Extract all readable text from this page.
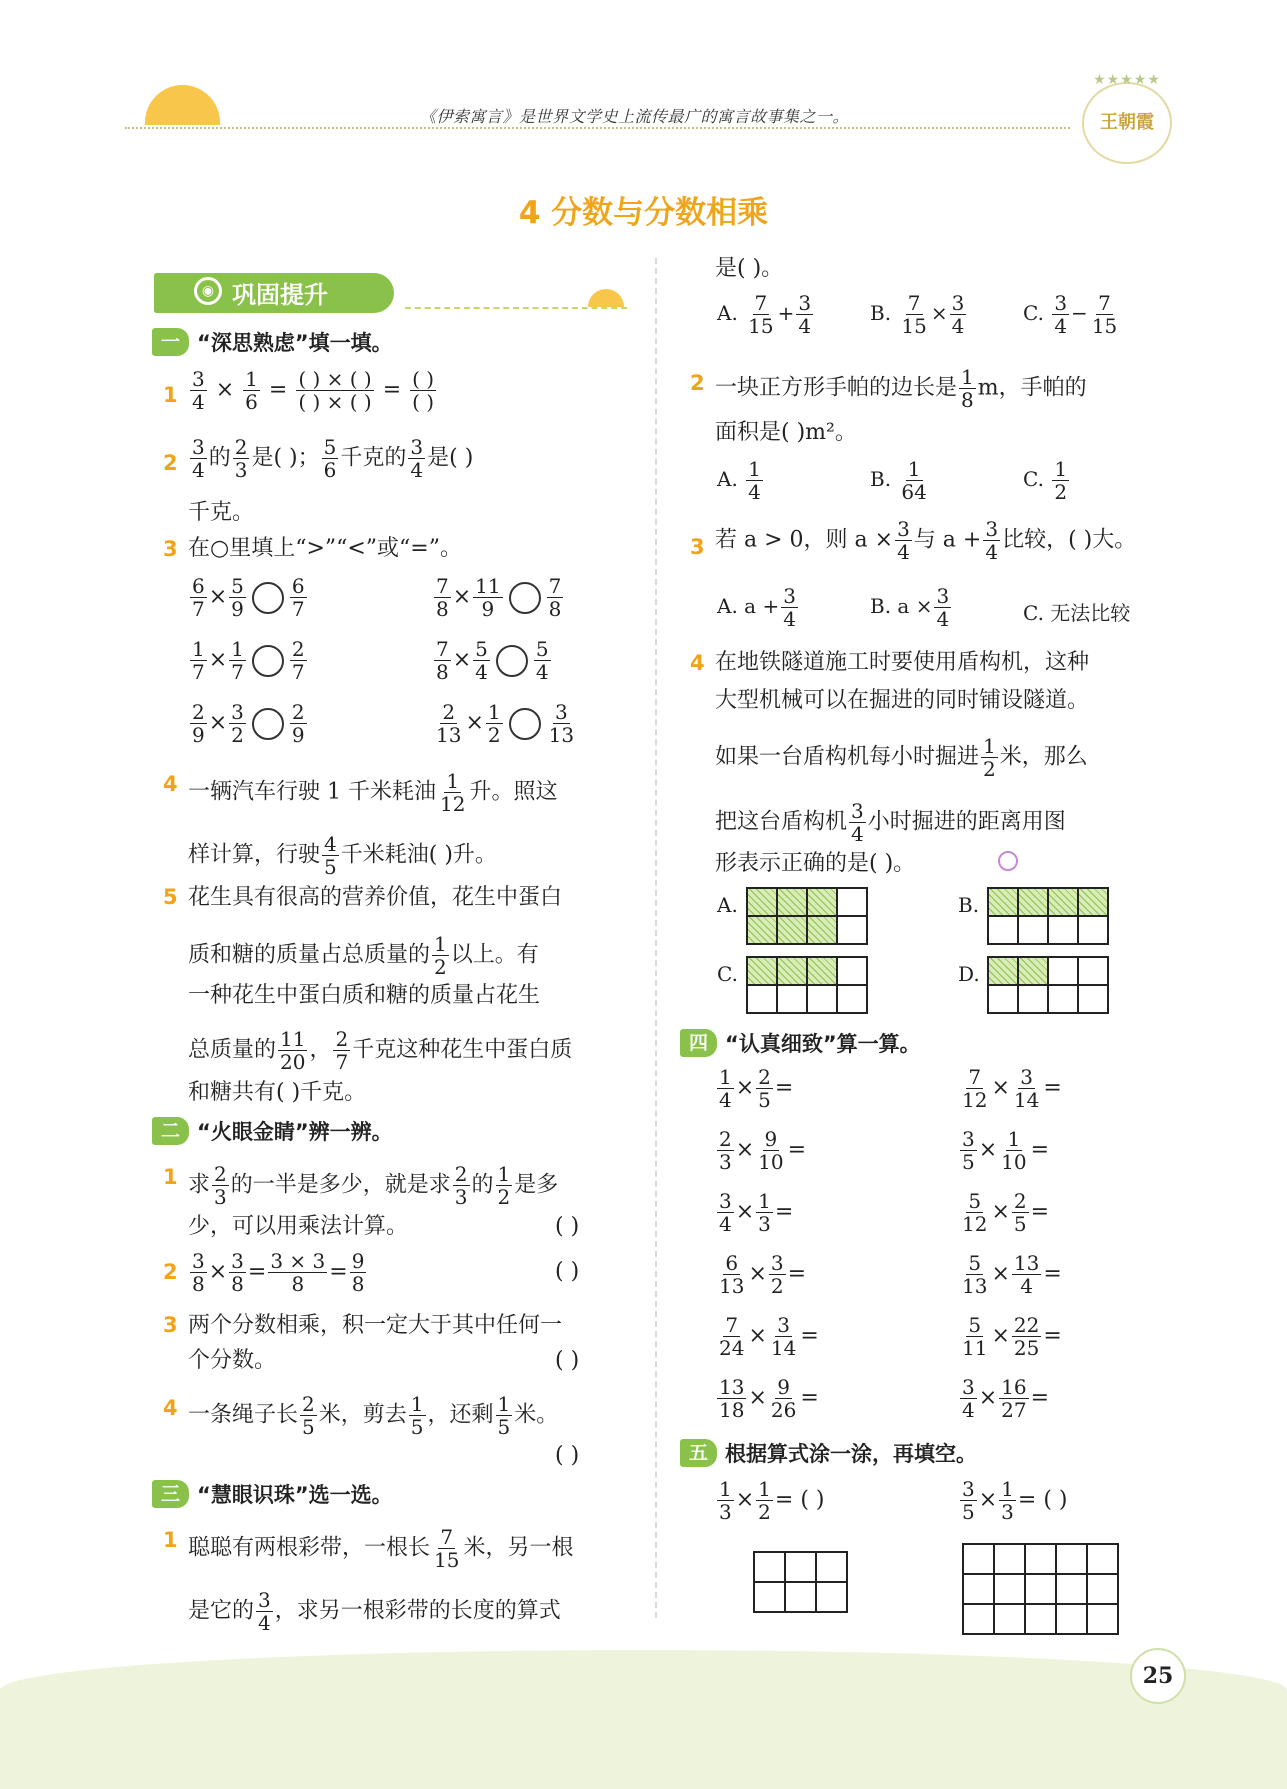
《伊索寓言》是世界文学史上流传最广的寓言故事集之一。
★★★★★
王朝霞
4 分数与分数相乘
◉ 巩固提升
一 “深思熟虑”填一填。
$1 \frac{3}{4} \times \frac{1}{6} = \frac{( ) \times ( )}{( ) \times ( )} = \frac{( )}{( )}$
$2 \frac{3}{4}$ 的 $\frac{2}{3}$ 是( )； $\frac{5}{6}$ 千克的 $\frac{3}{4}$ 是( )
千克。
3 在○里填上“>”“<”或“=”。
$\frac{6}{7} \times \frac{5}{9} \frac{6}{7}$	$\frac{7}{8} \times \frac{11}{9} \frac{7}{8}$
$\frac{1}{7} \times \frac{1}{7} \frac{2}{7}$	$\frac{7}{8} \times \frac{5}{4} \frac{5}{4}$
$\frac{2}{9} \times \frac{3}{2} \frac{2}{9}$	$\frac{2}{13} \times \frac{1}{2} \frac{3}{13}$
4 一辆汽车行驶 1 千米耗油 $\frac{1}{12}$ 升。照这
样计算，行驶 $\frac{4}{5}$ 千米耗油( )升。
5 花生具有很高的营养价值，花生中蛋白
质和糖的质量占总质量的 $\frac{1}{2}$ 以上。有
一种花生中蛋白质和糖的质量占花生
总质量的 $\frac{11}{20}$ ， $\frac{2}{7}$ 千克这种花生中蛋白质
和糖共有( )千克。
二 “火眼金睛”辨一辨。
1 求 $\frac{2}{3}$ 的一半是多少，就是求 $\frac{2}{3}$ 的 $\frac{1}{2}$ 是多
少，可以用乘法计算。	( )
$2 \frac{3}{8} \times \frac{3}{8} = \frac{3 \times 3}{8} = \frac{9}{8}$	( )
3 两个分数相乘，积一定大于其中任何一
个分数。	( )
4 一条绳子长 $\frac{2}{5}$ 米，剪去 $\frac{1}{5}$ ，还剩 $\frac{1}{5}$ 米。
( )
三 “慧眼识珠”选一选。
1 聪聪有两根彩带，一根长 $\frac{7}{15}$ 米，另一根
是它的 $\frac{3}{4}$ ，求另一根彩带的长度的算式
是( )。
A. $\frac{7}{15} + \frac{3}{4}$	B. $\frac{7}{15} \times \frac{3}{4}$	C. $\frac{3}{4} - \frac{7}{15}$
2 一块正方形手帕的边长是 $\frac{1}{8}$ m，手帕的
面积是( )m²。
A. $\frac{1}{4}$	B. $\frac{1}{64}$	C. $\frac{1}{2}$
3 若 a > 0，则 $a \times \frac{3}{4}$ 与 $a + \frac{3}{4}$ 比较，( )大。
A. $a + \frac{3}{4}$	B. $a \times \frac{3}{4}$	C. 无法比较
4 在地铁隧道施工时要使用盾构机，这种
大型机械可以在掘进的同时铺设隧道。
如果一台盾构机每小时掘进 $\frac{1}{2}$ 米，那么
把这台盾构机 $\frac{3}{4}$ 小时掘进的距离用图
形表示正确的是( )。
A.

				B.

C.

				D.

四 “认真细致”算一算。
$\frac{1}{4} \times \frac{2}{5}$ =	$\frac{7}{12} \times \frac{3}{14}$ =
$\frac{2}{3} \times \frac{9}{10}$ =	$\frac{3}{5} \times \frac{1}{10}$ =
$\frac{3}{4} \times \frac{1}{3}$ =	$\frac{5}{12} \times \frac{2}{5}$ =
$\frac{6}{13} \times \frac{3}{2}$ =	$\frac{5}{13} \times \frac{13}{4}$ =
$\frac{7}{24} \times \frac{3}{14}$ =	$\frac{5}{11} \times \frac{22}{25}$ =
$\frac{13}{18} \times \frac{9}{26}$ =	$\frac{3}{4} \times \frac{16}{27}$ =
五 根据算式涂一涂，再填空。
$\frac{1}{3} \times \frac{1}{2}$ = ( )	$\frac{3}{5} \times \frac{1}{3}$ = ( )

25
